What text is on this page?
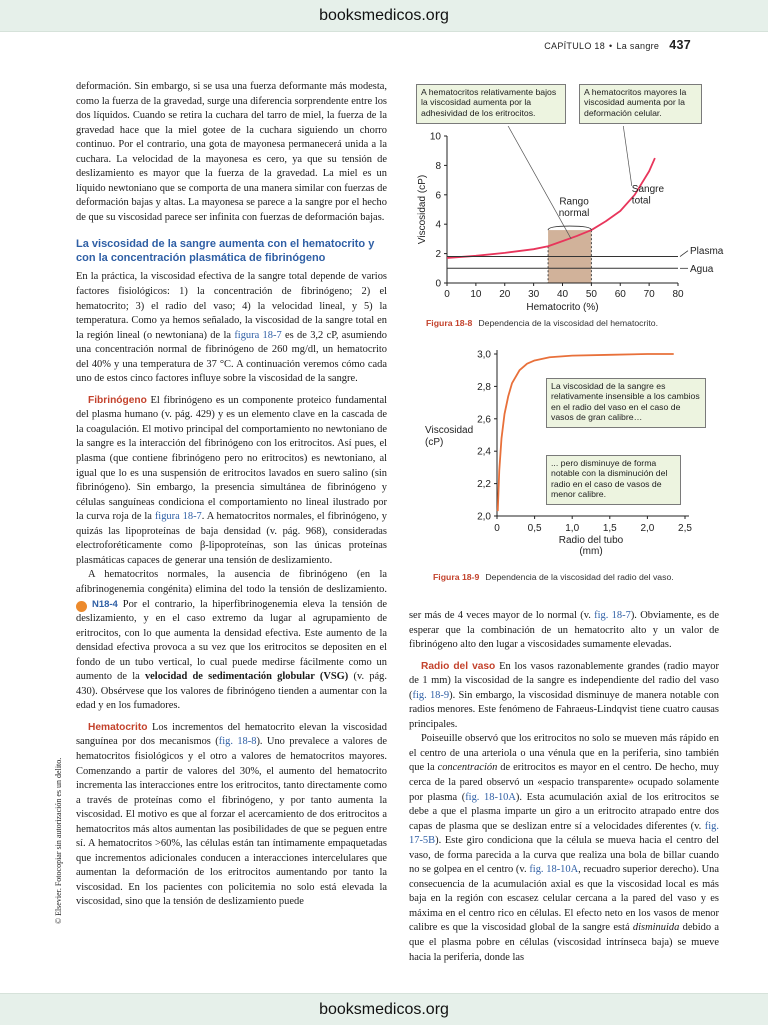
booksmedicos.org
CAPÍTULO 18 • La sangre 437

deformación. Sin embargo, si se usa una fuerza deformante más modesta, como la fuerza de la gravedad, surge una diferencia sorprendente entre los dos líquidos. Cuando se retira la cuchara del tarro de miel, la fuerza de la gravedad hace que la miel gotee de la cuchara siguiendo un chorro continuo. Por el contrario, una gota de mayonesa permanecerá unida a la cuchara. La velocidad de la mayonesa es cero, ya que su tensión de deslizamiento es mayor que la fuerza de la gravedad. La miel es un líquido newtoniano que se comporta de una manera similar con fuerzas de deformación bajas y altas. La mayonesa se parece a la sangre por el hecho de que su viscosidad parece ser infinita con fuerzas de deformación bajas.

La viscosidad de la sangre aumenta con el hematocrito y con la concentración plasmática de fibrinógeno

En la práctica, la viscosidad efectiva de la sangre total depende de varios factores fisiológicos: 1) la concentración de fibrinógeno; 2) el hematocrito; 3) el radio del vaso; 4) la velocidad lineal, y 5) la temperatura. Como ya hemos señalado, la viscosidad de la sangre total en la región lineal (o newtoniana) de la figura 18-7 es de 3,2 cP, asumiendo una concentración normal de fibrinógeno de 260 mg/dl, un hematocrito del 40% y una temperatura de 37 °C. A continuación veremos cómo cada uno de estos cinco factores influye sobre la viscosidad de la sangre.

Fibrinógeno El fibrinógeno es un componente proteico fundamental del plasma humano (v. pág. 429) y es un elemento clave en la cascada de la coagulación. El motivo principal del comportamiento no newtoniano de la sangre es la interacción del fibrinógeno con los eritrocitos. Así pues, el plasma (que contiene fibrinógeno pero no eritrocitos) es newtoniano, al igual que lo es una suspensión de eritrocitos lavados en suero salino (sin fibrinógeno). Sin embargo, la presencia simultánea de fibrinógeno y células sanguíneas condiciona el comportamiento no lineal ilustrado por la curva roja de la figura 18-7. A hematocritos normales, el fibrinógeno, y quizás las lipoproteínas de baja densidad (v. pág. 968), consideradas electroforéticamente como β-lipoproteínas, son las únicas proteínas plasmáticas capaces de generar una tensión de deslizamiento.

A hematocritos normales, la ausencia de fibrinógeno (en la afibrinogenemia congénita) elimina del todo la tensión de deslizamiento. N N18-4 Por el contrario, la hiperfibrinogenemia eleva la tensión de deslizamiento, y en el caso extremo da lugar al agrupamiento de eritrocitos, con lo que aumenta la densidad efectiva. Este aumento de la densidad efectiva provoca a su vez que los eritrocitos se depositen en el fondo de un tubo vertical, lo cual puede medirse fácilmente como un aumento de la velocidad de sedimentación globular (VSG) (v. pág. 430). Obsérvese que los valores de fibrinógeno tienden a aumentar con la edad y en los fumadores.

Hematocrito Los incrementos del hematocrito elevan la viscosidad sanguínea por dos mecanismos (fig. 18-8). Uno prevalece a valores de hematocritos fisiológicos y el otro a valores de hematocritos mayores. Comenzando a partir de valores del 30%, el aumento del hematocrito incrementa las interacciones entre los eritrocitos, tanto directamente como a través de proteínas como el fibrinógeno, y por tanto aumenta la viscosidad. El motivo es que al forzar el acercamiento de dos eritrocitos a hematocritos más altos aumentan las posibilidades de que se peguen entre sí. A hematocritos >60%, las células están tan íntimamente empaquetadas que incrementos adicionales conducen a interacciones intercelulares que aumentan la deformación de los eritrocitos aumentando por tanto la viscosidad. En los pacientes con policitemia no solo está elevada la viscosidad, sino que la tensión de deslizamiento puede

© Elsevier. Fotocopiar sin autorización es un delito.
A hematocritos relativamente bajos la viscosidad aumenta por la adhesividad de los eritrocitos.
A hematocritos mayores la viscosidad aumenta por la deformación celular.
0
2
4
6
8
10
0 10 20 30 40 50 60 70 80
Hematocrito (%)
Viscosidad (cP)	Rango
normal
Sangre
total
Plasma
Agua
Figura 18-8 Dependencia de la viscosidad del hematocrito.
2,0
2,2
2,4
2,6
2,8
3,0
0	0,5 1,0 1,5 2,0 2,5
Radio del tubo
(mm)
Viscosidad
(cP)
La viscosidad de la sangre es relativamente insensible a los cambios en el radio del vaso en el caso de vasos de gran calibre…
... pero disminuye de forma notable con la disminución del radio en el caso de vasos de menor calibre.
Figura 18-9 Dependencia de la viscosidad del radio del vaso.

ser más de 4 veces mayor de lo normal (v. fig. 18-7). Obviamente, es de esperar que la combinación de un hematocrito alto y un valor de fibrinógeno alto den lugar a viscosidades sumamente elevadas.

Radio del vaso En los vasos razonablemente grandes (radio mayor de 1 mm) la viscosidad de la sangre es independiente del radio del vaso (fig. 18-9). Sin embargo, la viscosidad disminuye de manera notable con radios menores. Este fenómeno de Fahraeus-Lindqvist tiene cuatro causas principales.

Poiseuille observó que los eritrocitos no solo se mueven más rápido en el centro de una arteriola o una vénula que en la periferia, sino también que la concentración de eritrocitos es mayor en el centro. De hecho, muy cerca de la pared observó un «espacio transparente» ocupado solamente por plasma (fig. 18-10A). Esta acumulación axial de los eritrocitos se debe a que el plasma imparte un giro a un eritrocito atrapado entre dos capas de plasma que se deslizan entre sí a velocidades diferentes (v. fig. 17-5B). Este giro condiciona que la célula se mueva hacia el centro del vaso, de forma parecida a la curva que realiza una bola de billar cuando no se golpea en el centro (v. fig. 18-10A, recuadro superior derecho). Una consecuencia de la acumulación axial es que la viscosidad local es más baja en la región con escasez celular cercana a la pared del vaso y es máxima en el centro rico en células. El efecto neto en los vasos de menor calibre es que la viscosidad global de la sangre está disminuida debido a que el plasma pobre en células (viscosidad intrínseca baja) se mueve hacia la periferia, donde las

booksmedicos.org
